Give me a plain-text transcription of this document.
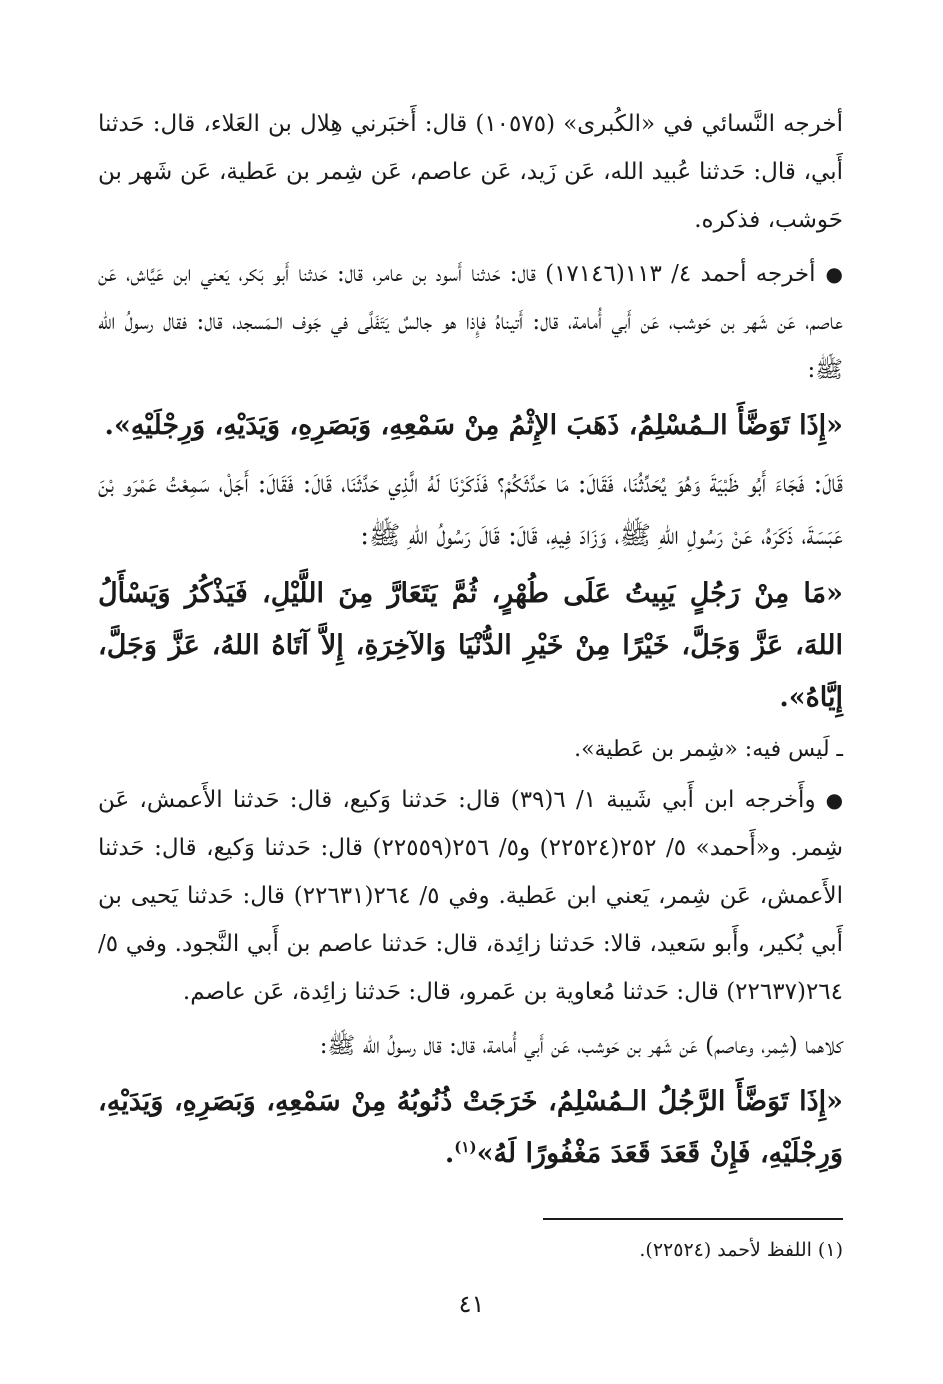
أخرجه النَّسائي في «الكُبرى» (١٠٥٧٥) قال: أَخبَرني هِلال بن العَلاء، قال: حَدثنا أَبي، قال: حَدثنا عُبيد الله، عَن زَيد، عَن عاصم، عَن شِمر بن عَطية، عَن شَهر بن حَوشب، فذكره.

●أخرجه أحمد ٤/ ١١٣(١٧١٤٦) قال: حَدثنا أَسود بن عامر، قال: حَدثنا أَبو بَكر، يَعني ابن عَيَّاش، عَن عاصم، عَن شَهر بن حَوشب، عَن أَبي أُمامة، قال: أَتيناهُ فإِذا هو جالسٌ يَتَفَلَّى في جَوف الـمَسجد، قال: فقال رسولُ الله ﷺ:

«إِذَا تَوَضَّأَ الـمُسْلِمُ، ذَهَبَ الإِثْمُ مِنْ سَمْعِهِ، وَبَصَرِهِ، وَيَدَيْهِ، وَرِجْلَيْهِ».

قَالَ: فَجَاءَ أَبُو ظَبْيَةَ وَهُوَ يُحَدِّثُنَا، فَقَالَ: مَا حَدَّثَكُمْ؟ فَذَكَرْنَا لَهُ الَّذِي حَدَّثَنَا، قَالَ: فَقَالَ: أَجَلْ، سَمِعْتُ عَمْرَو بْنَ عَبَسَةَ، ذَكَرَهُ، عَنْ رَسُولِ اللهِ ﷺ، وَزَادَ فِيهِ، قَالَ: قَالَ رَسُولُ اللهِ ﷺ:

«مَا مِنْ رَجُلٍ يَبِيتُ عَلَى طُهْرٍ، ثُمَّ يَتَعَارَّ مِنَ اللَّيْلِ، فَيَذْكُرُ وَيَسْأَلُ اللهَ، عَزَّ وَجَلَّ، خَيْرًا مِنْ خَيْرِ الدُّنْيَا وَالآخِرَةِ، إِلاَّ آتَاهُ اللهُ، عَزَّ وَجَلَّ، إِيَّاهُ».

ـ لَيس فيه: «شِمر بن عَطية».

●وأَخرجه ابن أَبي شَيبة ١/ ٦(٣٩) قال: حَدثنا وَكيع، قال: حَدثنا الأَعمش، عَن شِمر. و«أَحمد» ٥/ ٢٥٢(٢٢٥٢٤) و٥/ ٢٥٦(٢٢٥٥٩) قال: حَدثنا وَكيع، قال: حَدثنا الأَعمش، عَن شِمر، يَعني ابن عَطية. وفي ٥/ ٢٦٤(٢٢٦٣١) قال: حَدثنا يَحيى بن أَبي بُكير، وأَبو سَعيد، قالا: حَدثنا زائِدة، قال: حَدثنا عاصم بن أَبي النَّجود. وفي ٥/ ٢٦٤(٢٢٦٣٧) قال: حَدثنا مُعاوية بن عَمرو، قال: حَدثنا زائِدة، عَن عاصم.

كلاهما (شِمر، وعاصم) عَن شَهر بن حَوشب، عَن أَبي أُمامة، قال: قال رسولُ الله ﷺ:

«إِذَا تَوَضَّأَ الرَّجُلُ الـمُسْلِمُ، خَرَجَتْ ذُنُوبُهُ مِنْ سَمْعِهِ، وَبَصَرِهِ، وَيَدَيْهِ، وَرِجْلَيْهِ، فَإِنْ قَعَدَ قَعَدَ مَغْفُورًا لَهُ»$^{(١)}$.

(١) اللفظ لأحمد (٢٢٥٢٤).
٤١
